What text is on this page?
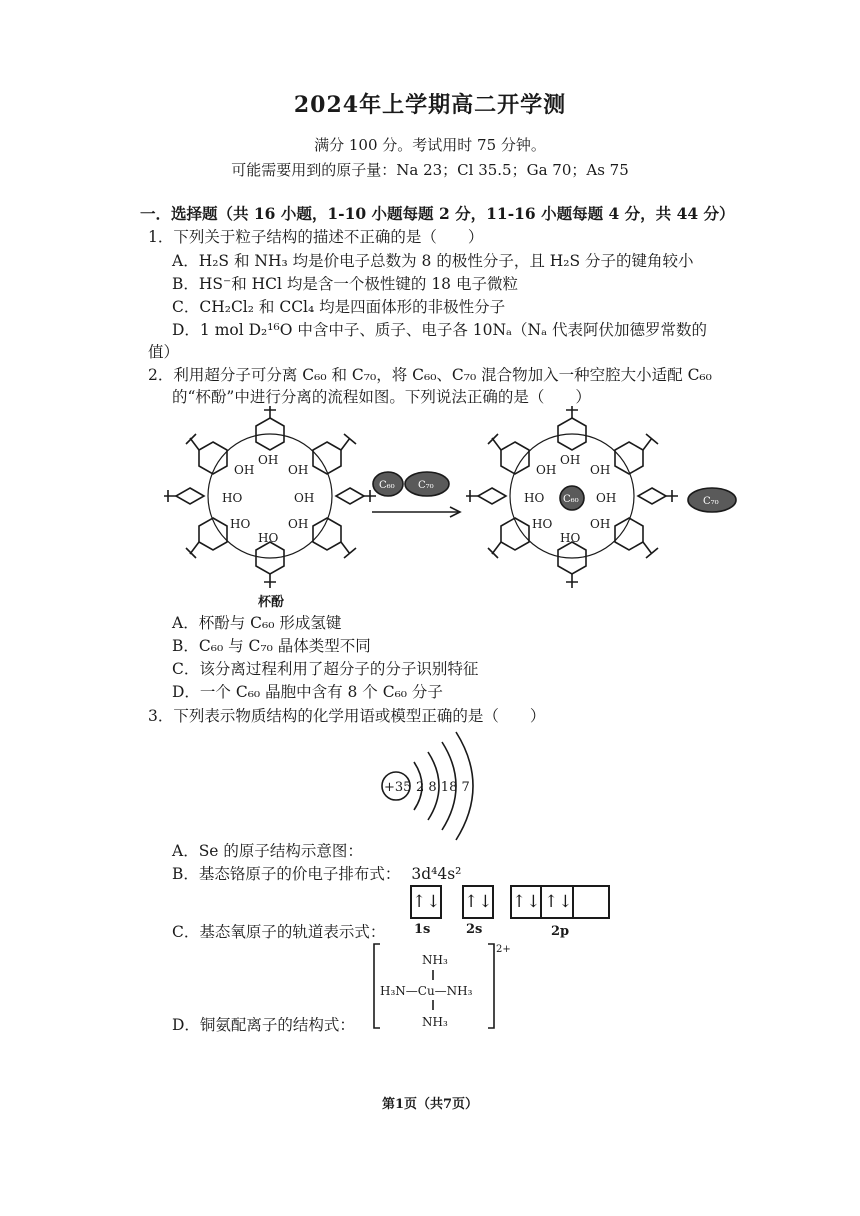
2024年上学期高二开学测
满分 100 分。考试用时 75 分钟。
可能需要用到的原子量：Na 23；Cl 35.5；Ga 70；As 75
一．选择题（共 16 小题，1-10 小题每题 2 分，11-16 小题每题 4 分，共 44 分）
1．下列关于粒子结构的描述不正确的是（　　）
A．H₂S 和 NH₃ 均是价电子总数为 8 的极性分子，且 H₂S 分子的键角较小
B．HS⁻和 HCl 均是含一个极性键的 18 电子微粒
C．CH₂Cl₂ 和 CCl₄ 均是四面体形的非极性分子
D．1 mol D₂¹⁶O 中含中子、质子、电子各 10Nₐ（Nₐ 代表阿伏加德罗常数的
值）
2．利用超分子可分离 C₆₀ 和 C₇₀，将 C₆₀、C₇₀ 混合物加入一种空腔大小适配 C₆₀
的“杯酚”中进行分离的流程如图。下列说法正确的是（　　）
OH
OH	OH
HO	OH
HO	OH
HO
OH
OH	OH
HO	OH
HO	OH
HO
C₆₀ C₇₀
C₆₀	C₇₀
杯酚
A．杯酚与 C₆₀ 形成氢键
B．C₆₀ 与 C₇₀ 晶体类型不同
C．该分离过程利用了超分子的分子识别特征
D．一个 C₆₀ 晶胞中含有 8 个 C₆₀ 分子
3．下列表示物质结构的化学用语或模型正确的是（　　）
+35 2 8 18 7
A．Se 的原子结构示意图：
B．基态铬原子的价电子排布式： 3d⁴4s²
↑↓ ↑↓ ↑↓ ↑↓
1s	2s	2p
C．基态氧原子的轨道表示式：
NH₃
H₃N—Cu—NH₃
NH₃
2+
D．铜氨配离子的结构式：
第1页（共7页）
